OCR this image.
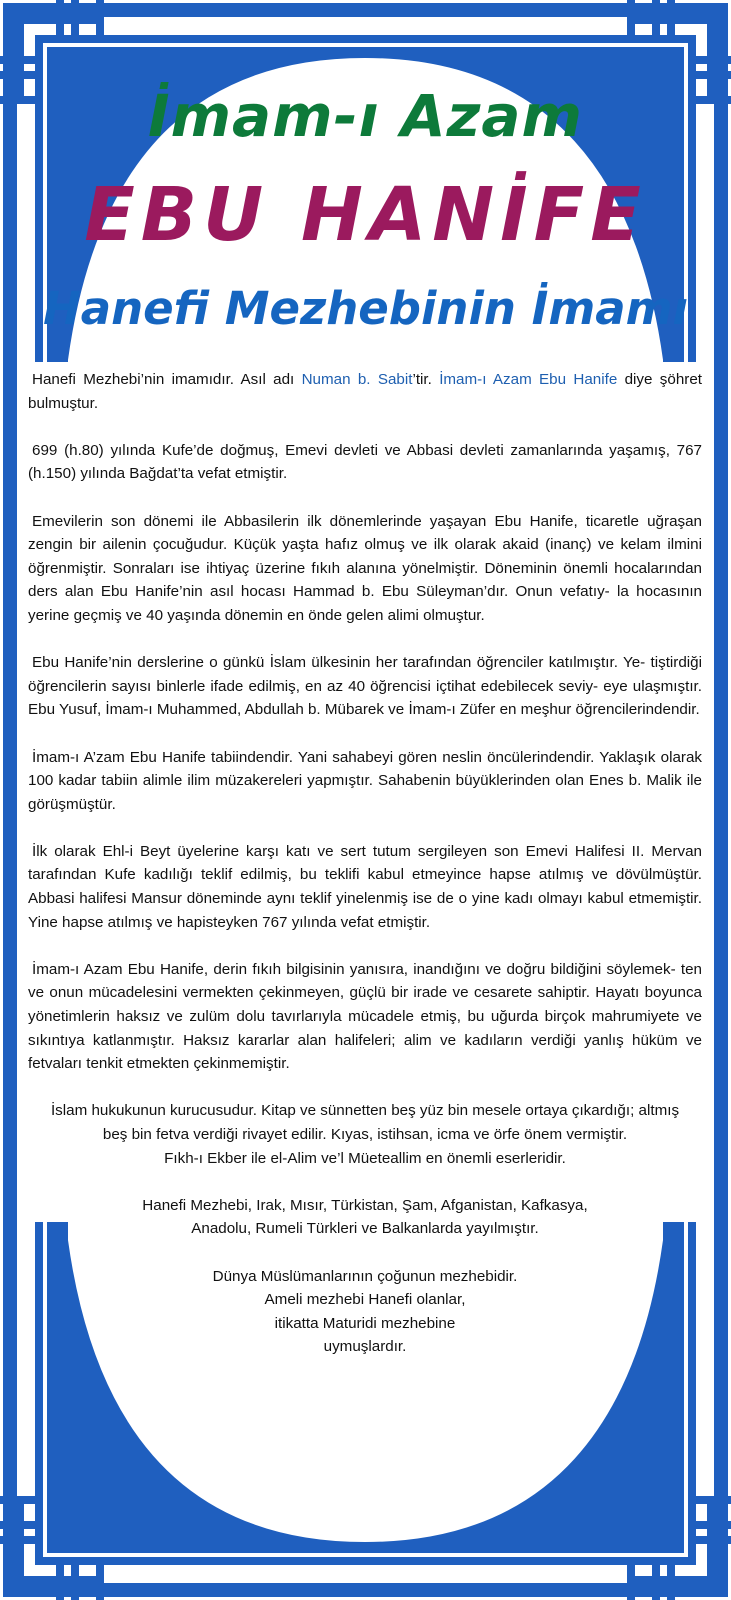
İmam-ı Azam
EBU HANİFE
Hanefi Mezhebinin İmamı

Hanefi Mezhebi’nin imamıdır. Asıl adı Numan b. Sabit’tir. İmam-ı Azam Ebu Hanife diye şöhret bulmuştur.

699 (h.80) yılında Kufe’de doğmuş, Emevi devleti ve Abbasi devleti zamanlarında yaşamış, 767 (h.150) yılında Bağdat’ta vefat etmiştir.

Emevilerin son dönemi ile Abbasilerin ilk dönemlerinde yaşayan Ebu Hanife, ticaretle uğraşan zengin bir ailenin çocuğudur. Küçük yaşta hafız olmuş ve ilk olarak akaid (inanç) ve kelam ilmini öğrenmiştir. Sonraları ise ihtiyaç üzerine fıkıh alanına yönelmiştir. Döneminin önemli hocalarından ders alan Ebu Hanife’nin asıl hocası Hammad b. Ebu Süleyman’dır. Onun vefatıy- la hocasının yerine geçmiş ve 40 yaşında dönemin en önde gelen alimi olmuştur.

Ebu Hanife’nin derslerine o günkü İslam ülkesinin her tarafından öğrenciler katılmıştır. Ye- tiştirdiği öğrencilerin sayısı binlerle ifade edilmiş, en az 40 öğrencisi içtihat edebilecek seviy- eye ulaşmıştır. Ebu Yusuf, İmam-ı Muhammed, Abdullah b. Mübarek ve İmam-ı Züfer en meşhur öğrencilerindendir.

İmam-ı A’zam Ebu Hanife tabiindendir. Yani sahabeyi gören neslin öncülerindendir. Yaklaşık olarak 100 kadar tabiin alimle ilim müzakereleri yapmıştır. Sahabenin büyüklerinden olan Enes b. Malik ile görüşmüştür.

İlk olarak Ehl-i Beyt üyelerine karşı katı ve sert tutum sergileyen son Emevi Halifesi II. Mervan tarafından Kufe kadılığı teklif edilmiş, bu teklifi kabul etmeyince hapse atılmış ve dövülmüştür. Abbasi halifesi Mansur döneminde aynı teklif yinelenmiş ise de o yine kadı olmayı kabul etmemiştir. Yine hapse atılmış ve hapisteyken 767 yılında vefat etmiştir.

İmam-ı Azam Ebu Hanife, derin fıkıh bilgisinin yanısıra, inandığını ve doğru bildiğini söylemek- ten ve onun mücadelesini vermekten çekinmeyen, güçlü bir irade ve cesarete sahiptir. Hayatı boyunca yönetimlerin haksız ve zulüm dolu tavırlarıyla mücadele etmiş, bu uğurda birçok mahrumiyete ve sıkıntıya katlanmıştır. Haksız kararlar alan halifeleri; alim ve kadıların verdiği yanlış hüküm ve fetvaları tenkit etmekten çekinmemiştir.

İslam hukukunun kurucusudur. Kitap ve sünnetten beş yüz bin mesele ortaya çıkardığı; altmış
beş bin fetva verdiği rivayet edilir. Kıyas, istihsan, icma ve örfe önem vermiştir.
Fıkh-ı Ekber ile el-Alim ve’l Müeteallim en önemli eserleridir.

Hanefi Mezhebi, Irak, Mısır, Türkistan, Şam, Afganistan, Kafkasya,
Anadolu, Rumeli Türkleri ve Balkanlarda yayılmıştır.

Dünya Müslümanlarının çoğunun mezhebidir.
Ameli mezhebi Hanefi olanlar,
itikatta Maturidi mezhebine
uymuşlardır.
